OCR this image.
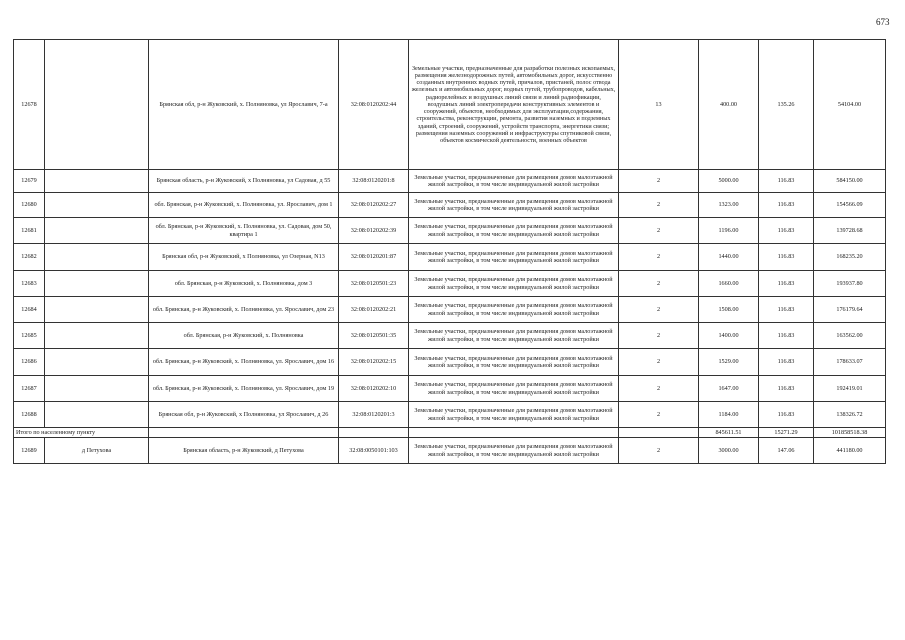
673
12678		Брянская обл, р-н Жуковский, х. Полняновка, ул Ярославич, 7-а	32:08:0120202:44	Земельные участки, предназначенные для разработки полезных ископаемых, размещения железнодорожных путей, автомобильных дорог, искусственно созданных внутренних водных путей, причалов, пристаней, полос отвода железных и автомобильных дорог, водных путей, трубопроводов, кабельных, радиорелейных и воздушных линий связи и линий радиофикации, воздушных линий электропередачи конструктивных элементов и сооружений, объектов, необходимых для эксплуатации,содержания, строительства, реконструкции, ремонта, развития наземных и подземных зданий, строений, сооружений, устройств транспорта, энергетики связи; размещения наземных сооружений и инфраструктуры спутниковой связи, объектов космической деятельности, военных объектов	13	400.00	135.26	54104.00
12679		Брянская область, р-н Жуковский, х Полняновка, ул Садовая, д 55	32:08:0120201:8	Земельные участки, предназначенные для размещения домов малоэтажной жилой застройки, в том числе индивидуальной жилой застройки	2	5000.00	116.83	584150.00
12680		обл. Брянская, р-н Жуковский, х. Полняновка, ул. Ярославич, дом 1	32:08:0120202:27	Земельные участки, предназначенные для размещения домов малоэтажной жилой застройки, в том числе индивидуальной жилой застройки	2	1323.00	116.83	154566.09
12681		обл. Брянская, р-н Жуковский, х. Полняновка, ул. Садовая, дом 50, квартира 1	32:08:0120202:39	Земельные участки, предназначенные для размещения домов малоэтажной жилой застройки, в том числе индивидуальной жилой застройки	2	1196.00	116.83	139728.68
12682		Брянская обл, р-н Жуковский, х Полняновка, ул Озерная, N13	32:08:0120201:87	Земельные участки, предназначенные для размещения домов малоэтажной жилой застройки, в том числе индивидуальной жилой застройки	2	1440.00	116.83	168235.20
12683		обл. Брянская, р-н Жуковский, х. Полняновка, дом 3	32:08:0120501:23	Земельные участки, предназначенные для размещения домов малоэтажной жилой застройки, в том числе индивидуальной жилой застройки	2	1660.00	116.83	193937.80
12684		обл. Брянская, р-н Жуковский, х. Полняновка, ул. Ярославич, дом 23	32:08:0120202:21	Земельные участки, предназначенные для размещения домов малоэтажной жилой застройки, в том числе индивидуальной жилой застройки	2	1508.00	116.83	176179.64
12685		обл. Брянская, р-н Жуковский, х. Полняновка	32:08:0120501:35	Земельные участки, предназначенные для размещения домов малоэтажной жилой застройки, в том числе индивидуальной жилой застройки	2	1400.00	116.83	163562.00
12686		обл. Брянская, р-н Жуковский, х. Полняновка, ул. Ярославич, дом 16	32:08:0120202:15	Земельные участки, предназначенные для размещения домов малоэтажной жилой застройки, в том числе индивидуальной жилой застройки	2	1529.00	116.83	178633.07
12687		обл. Брянская, р-н Жуковский, х. Полняновка, ул. Ярославич, дом 19	32:08:0120202:10	Земельные участки, предназначенные для размещения домов малоэтажной жилой застройки, в том числе индивидуальной жилой застройки	2	1647.00	116.83	192419.01
12688		Брянская обл, р-н Жуковский, х Полняновка, ул Ярославич, д 26	32:08:0120201:3	Земельные участки, предназначенные для размещения домов малоэтажной жилой застройки, в том числе индивидуальной жилой застройки	2	1184.00	116.83	138326.72
Итого по населенному пункту						845611.51	15271.29	101858518.38
12689	д Петухова	Брянская область, р-н Жуковский, д Петухова	32:08:0050101:103	Земельные участки, предназначенные для размещения домов малоэтажной жилой застройки, в том числе индивидуальной жилой застройки	2	3000.00	147.06	441180.00
